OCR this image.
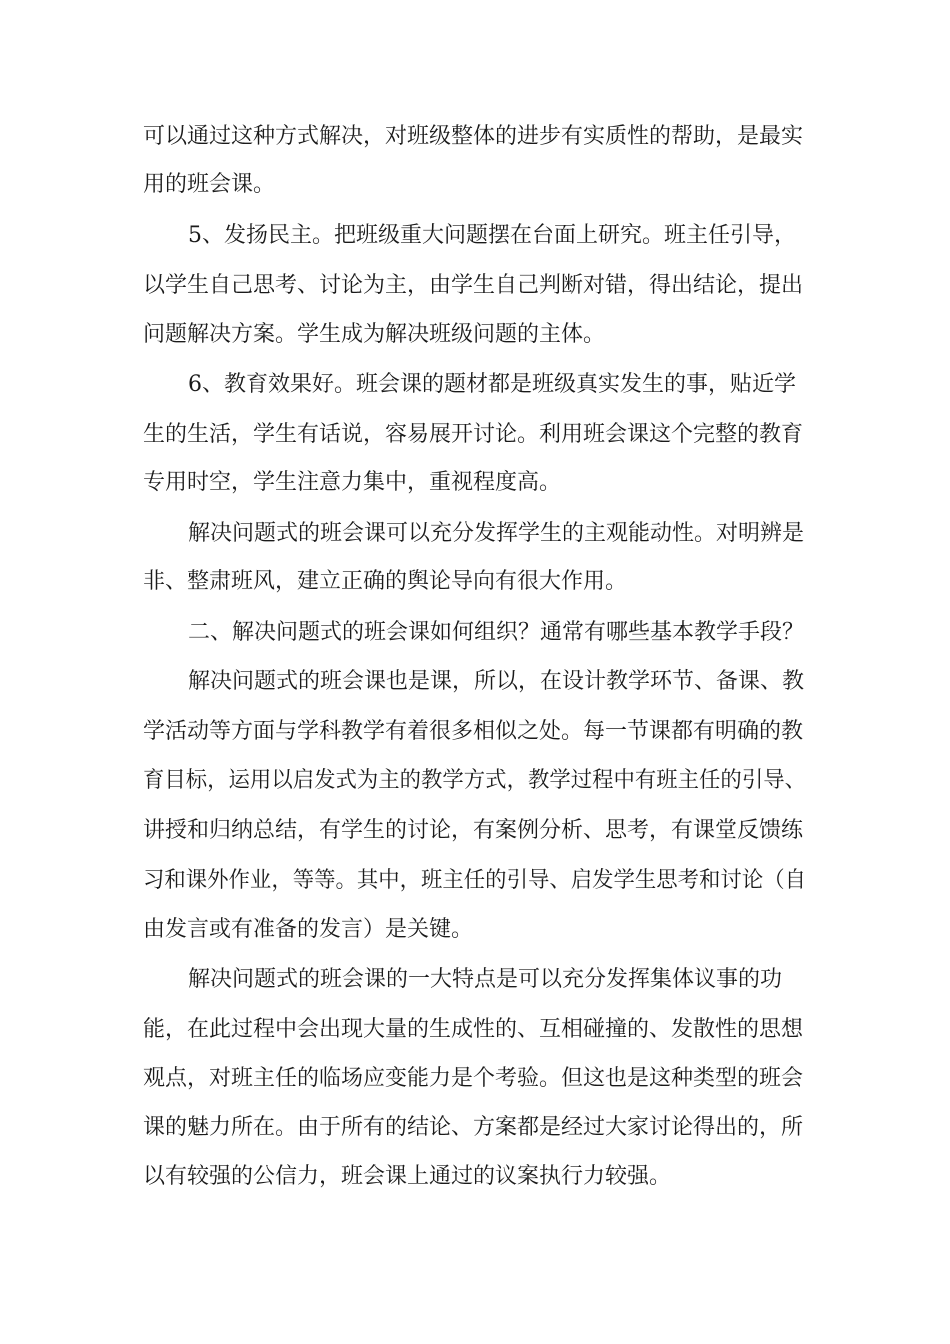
可以通过这种方式解决，对班级整体的进步有实质性的帮助，是最实
用的班会课。
5、发扬民主。把班级重大问题摆在台面上研究。班主任引导，
以学生自己思考、讨论为主，由学生自己判断对错，得出结论，提出
问题解决方案。学生成为解决班级问题的主体。
6、教育效果好。班会课的题材都是班级真实发生的事，贴近学
生的生活，学生有话说，容易展开讨论。利用班会课这个完整的教育
专用时空，学生注意力集中，重视程度高。
解决问题式的班会课可以充分发挥学生的主观能动性。对明辨是
非、整肃班风，建立正确的舆论导向有很大作用。
二、解决问题式的班会课如何组织？通常有哪些基本教学手段？
解决问题式的班会课也是课，所以，在设计教学环节、备课、教
学活动等方面与学科教学有着很多相似之处。每一节课都有明确的教
育目标，运用以启发式为主的教学方式，教学过程中有班主任的引导、
讲授和归纳总结，有学生的讨论，有案例分析、思考，有课堂反馈练
习和课外作业，等等。其中，班主任的引导、启发学生思考和讨论（自
由发言或有准备的发言）是关键。
解决问题式的班会课的一大特点是可以充分发挥集体议事的功
能，在此过程中会出现大量的生成性的、互相碰撞的、发散性的思想
观点，对班主任的临场应变能力是个考验。但这也是这种类型的班会
课的魅力所在。由于所有的结论、方案都是经过大家讨论得出的，所
以有较强的公信力，班会课上通过的议案执行力较强。
